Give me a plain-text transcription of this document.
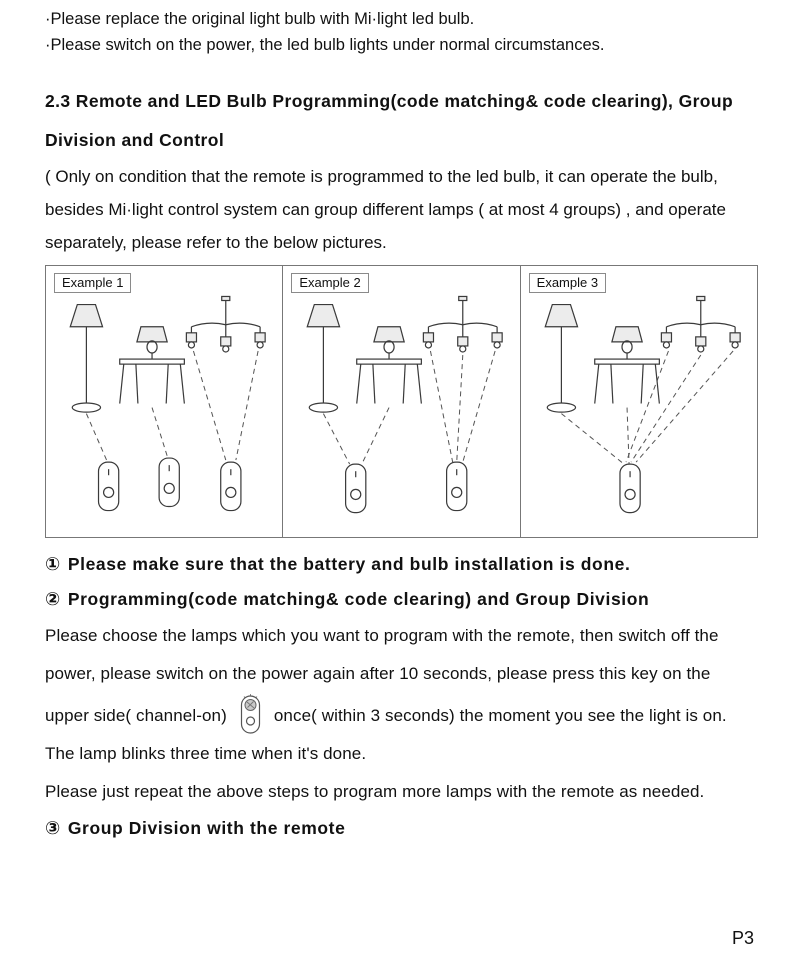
·Please replace the original light bulb with Mi·light led bulb.

·Please switch on the power, the led bulb lights under normal circumstances.

2.3 Remote and LED Bulb Programming(code matching& code clearing), Group Division and Control

( Only on condition that the remote is programmed to the led bulb, it can operate the bulb, besides Mi·light control system can group different lamps ( at most 4 groups) , and operate separately, please refer to the below pictures.

Example 1	Example 2	Example 3

① Please make sure that the battery and bulb installation is done.

② Programming(code matching& code clearing) and Group Division

Please choose the lamps which you want to program with the remote, then switch off the power, please switch on the power again after 10 seconds, please press this key on the upper side( channel-on)	once( within 3 seconds) the moment you see the light is on. The lamp blinks three time when it's done.

Please just repeat the above steps to program more lamps with the remote as needed.

③ Group Division with the remote

P3
